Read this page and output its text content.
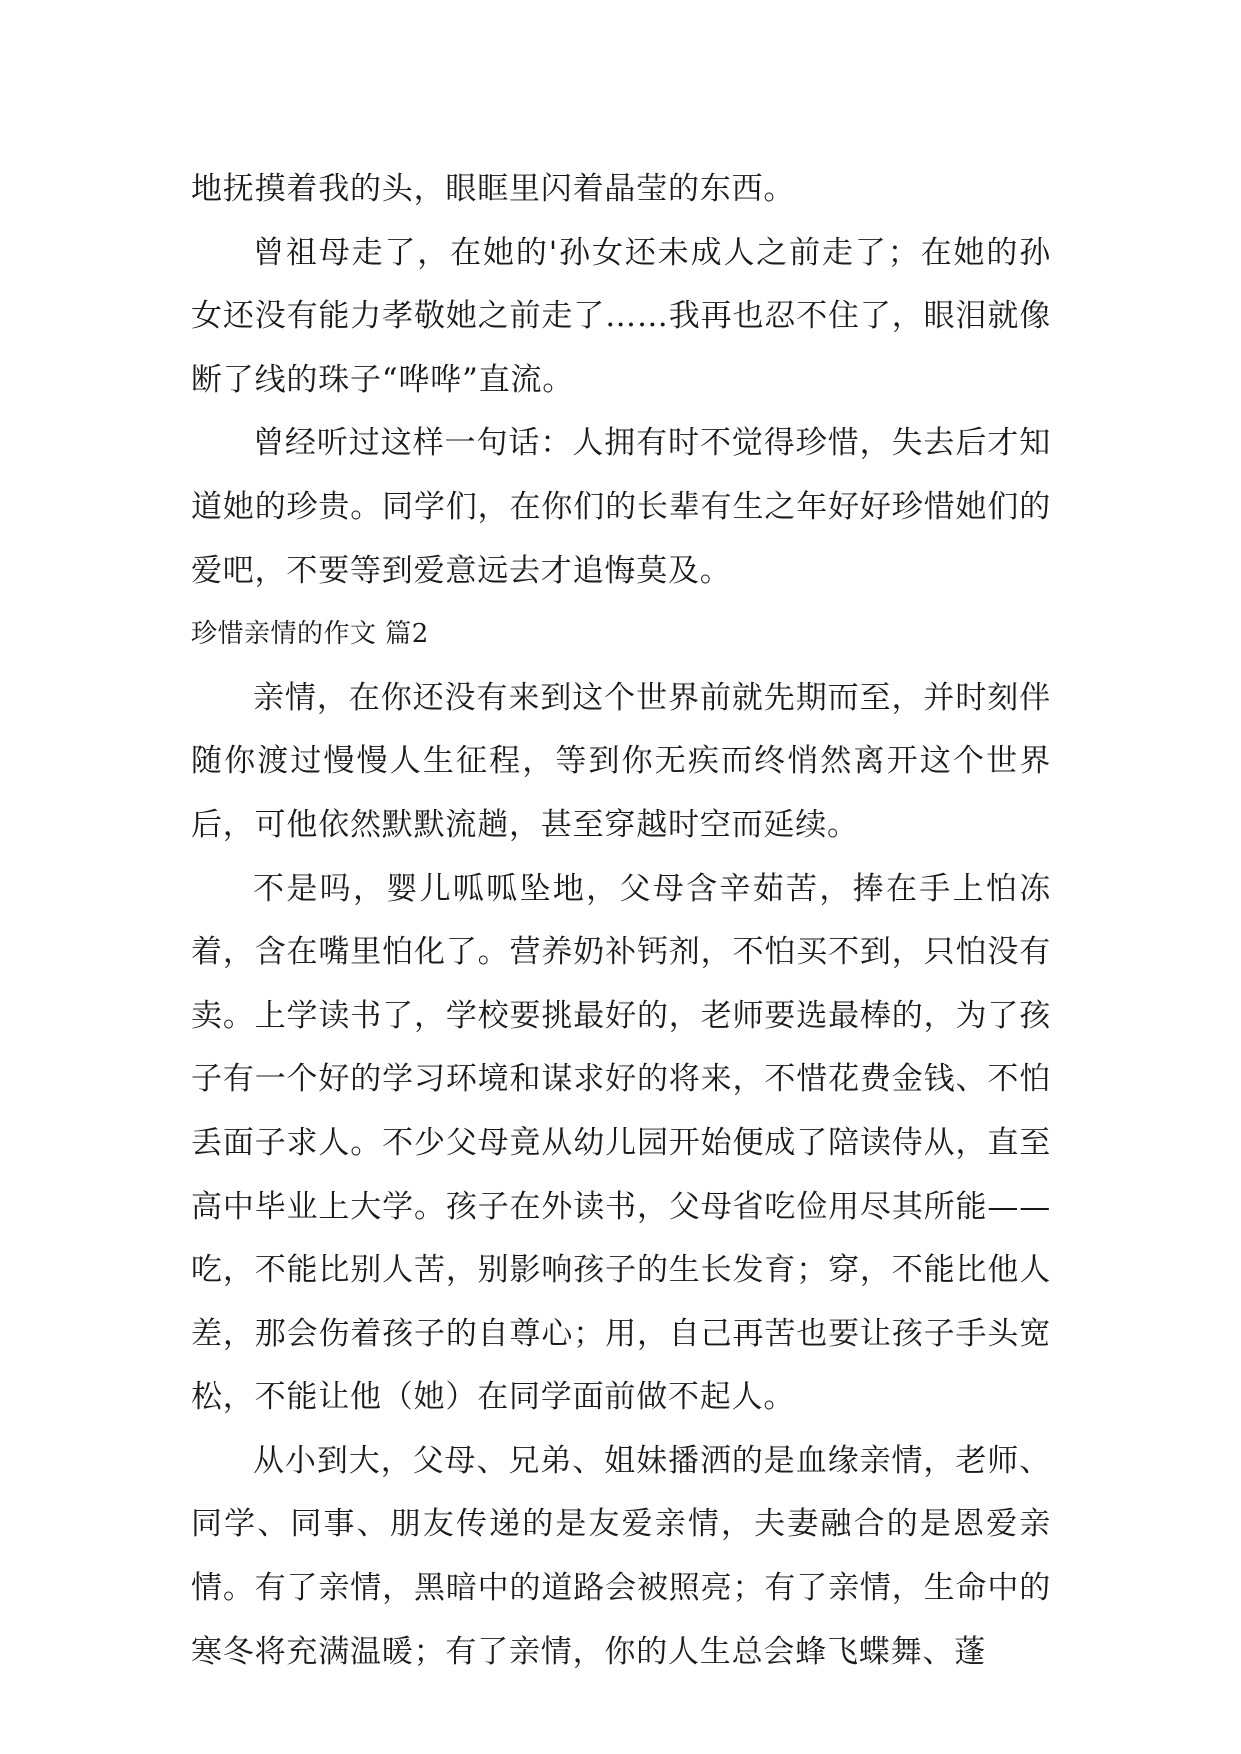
地抚摸着我的头，眼眶里闪着晶莹的东西。

曾祖母走了，在她的'孙女还未成人之前走了；在她的孙女还没有能力孝敬她之前走了……我再也忍不住了，眼泪就像断了线的珠子“哗哗”直流。

曾经听过这样一句话：人拥有时不觉得珍惜，失去后才知道她的珍贵。同学们，在你们的长辈有生之年好好珍惜她们的爱吧，不要等到爱意远去才追悔莫及。

珍惜亲情的作文 篇2

亲情，在你还没有来到这个世界前就先期而至，并时刻伴随你渡过慢慢人生征程，等到你无疾而终悄然离开这个世界后，可他依然默默流趟，甚至穿越时空而延续。

不是吗，婴儿呱呱坠地，父母含辛茹苦，捧在手上怕冻着，含在嘴里怕化了。营养奶补钙剂，不怕买不到，只怕没有卖。上学读书了，学校要挑最好的，老师要选最棒的，为了孩子有一个好的学习环境和谋求好的将来，不惜花费金钱、不怕丢面子求人。不少父母竟从幼儿园开始便成了陪读侍从，直至高中毕业上大学。孩子在外读书，父母省吃俭用尽其所能——吃，不能比别人苦，别影响孩子的生长发育；穿，不能比他人差，那会伤着孩子的自尊心；用，自己再苦也要让孩子手头宽松，不能让他（她）在同学面前做不起人。

从小到大，父母、兄弟、姐妹播洒的是血缘亲情，老师、同学、同事、朋友传递的是友爱亲情，夫妻融合的是恩爱亲情。有了亲情，黑暗中的道路会被照亮；有了亲情，生命中的寒冬将充满温暖；有了亲情，你的人生总会蜂飞蝶舞、蓬
